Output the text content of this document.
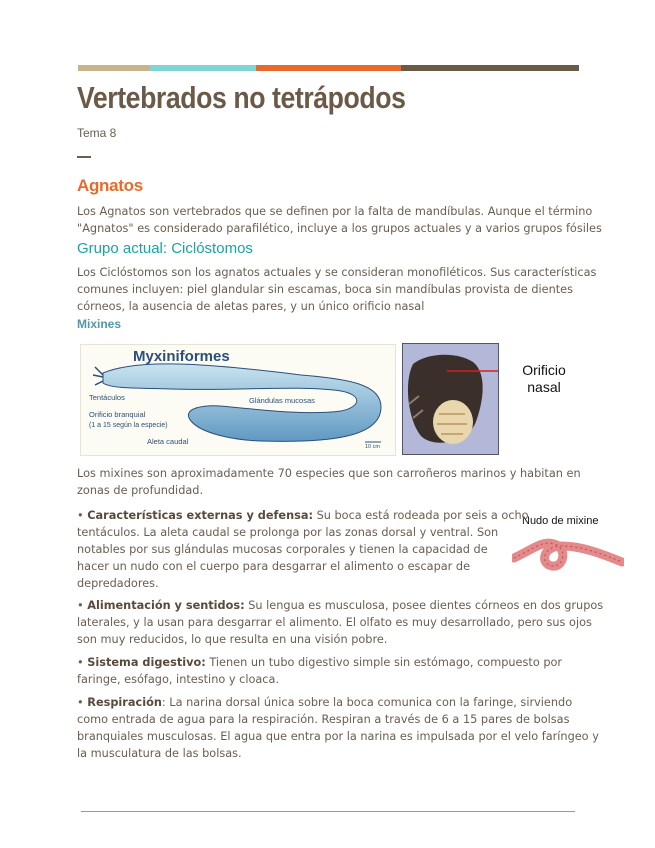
Vertebrados no tetrápodos
Tema 8
Agnatos

Los Agnatos son vertebrados que se definen por la falta de mandíbulas. Aunque el término
"Agnatos" es considerado parafilético, incluye a los grupos actuales y a varios grupos fósiles

Grupo actual: Ciclóstomos

Los Ciclóstomos son los agnatos actuales y se consideran monofiléticos. Sus características
comunes incluyen: piel glandular sin escamas, boca sin mandíbulas provista de dientes
córneos, la ausencia de aletas pares, y un único orificio nasal

Mixines
Myxiniformes
Tentáculos
Orificio branquial
(1 a 15 según la especie)
Glándulas mucosas
Aleta caudal
10 cm
Orificio
nasal

Los mixines son aproximadamente 70 especies que son carroñeros marinos y habitan en
zonas de profundidad.

Nudo de mixine

• Características externas y defensa: Su boca está rodeada por seis a ocho
tentáculos. La aleta caudal se prolonga por las zonas dorsal y ventral. Son
notables por sus glándulas mucosas corporales y tienen la capacidad de
hacer un nudo con el cuerpo para desgarrar el alimento o escapar de
depredadores.

• Alimentación y sentidos: Su lengua es musculosa, posee dientes córneos en dos grupos
laterales, y la usan para desgarrar el alimento. El olfato es muy desarrollado, pero sus ojos
son muy reducidos, lo que resulta en una visión pobre.

• Sistema digestivo: Tienen un tubo digestivo simple sin estómago, compuesto por
faringe, esófago, intestino y cloaca.

• Respiración: La narina dorsal única sobre la boca comunica con la faringe, sirviendo
como entrada de agua para la respiración. Respiran a través de 6 a 15 pares de bolsas
branquiales musculosas. El agua que entra por la narina es impulsada por el velo faríngeo y
la musculatura de las bolsas.
